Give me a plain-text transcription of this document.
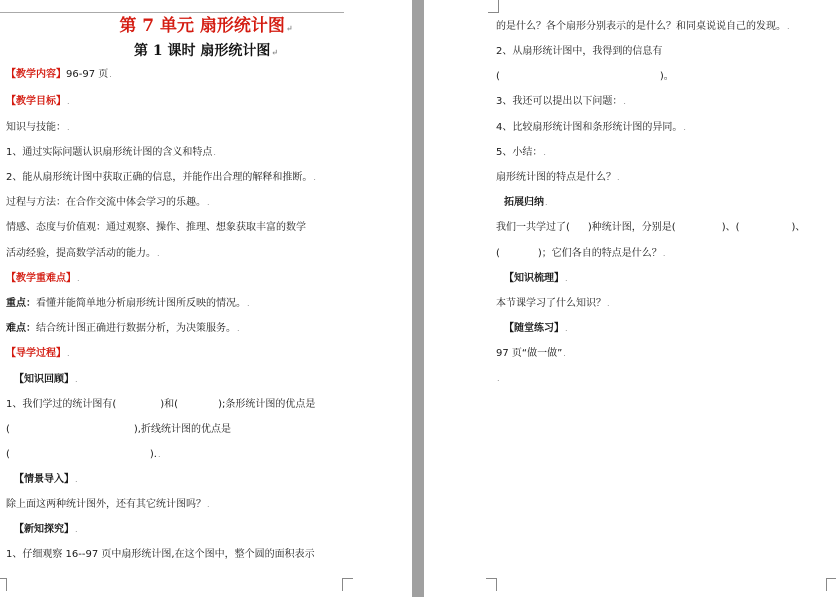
第 7 单元 扇形统计图↵
第 1 课时 扇形统计图↵
【教学内容】96-97 页.
【教学目标】.
知识与技能：.
1、通过实际问题认识扇形统计图的含义和特点.
2、能从扇形统计图中获取正确的信息，并能作出合理的解释和推断。.
过程与方法：在合作交流中体会学习的乐趣。.
情感、态度与价值观：通过观察、操作、推理、想象获取丰富的数学
活动经验，提高数学活动的能力。.
【教学重难点】.
重点：看懂并能简单地分析扇形统计图所反映的情况。.
难点：结合统计图正确进行数据分析，为决策服务。.
【导学过程】.
【知识回顾】.
1、我们学过的统计图有(	)和(	);条形统计图的优点是
(	),折线统计图的优点是
(	)..
【情景导入】.
除上面这两种统计图外，还有其它统计图吗？.
【新知探究】.
1、仔细观察 16--97 页中扇形统计图,在这个图中，整个圆的面积表示
的是什么？各个扇形分别表示的是什么？和同桌说说自己的发现。.
2、从扇形统计图中，我得到的信息有
(	)。
3、我还可以提出以下问题：.
4、比较扇形统计图和条形统计图的异同。.
5、小结：.
扇形统计图的特点是什么？.
拓展归纳.
我们一共学过了( )种统计图，分别是(	)、(	)、
(	)；它们各自的特点是什么？.
【知识梳理】.
本节课学习了什么知识？.
【随堂练习】.
97 页“做一做”.
.
